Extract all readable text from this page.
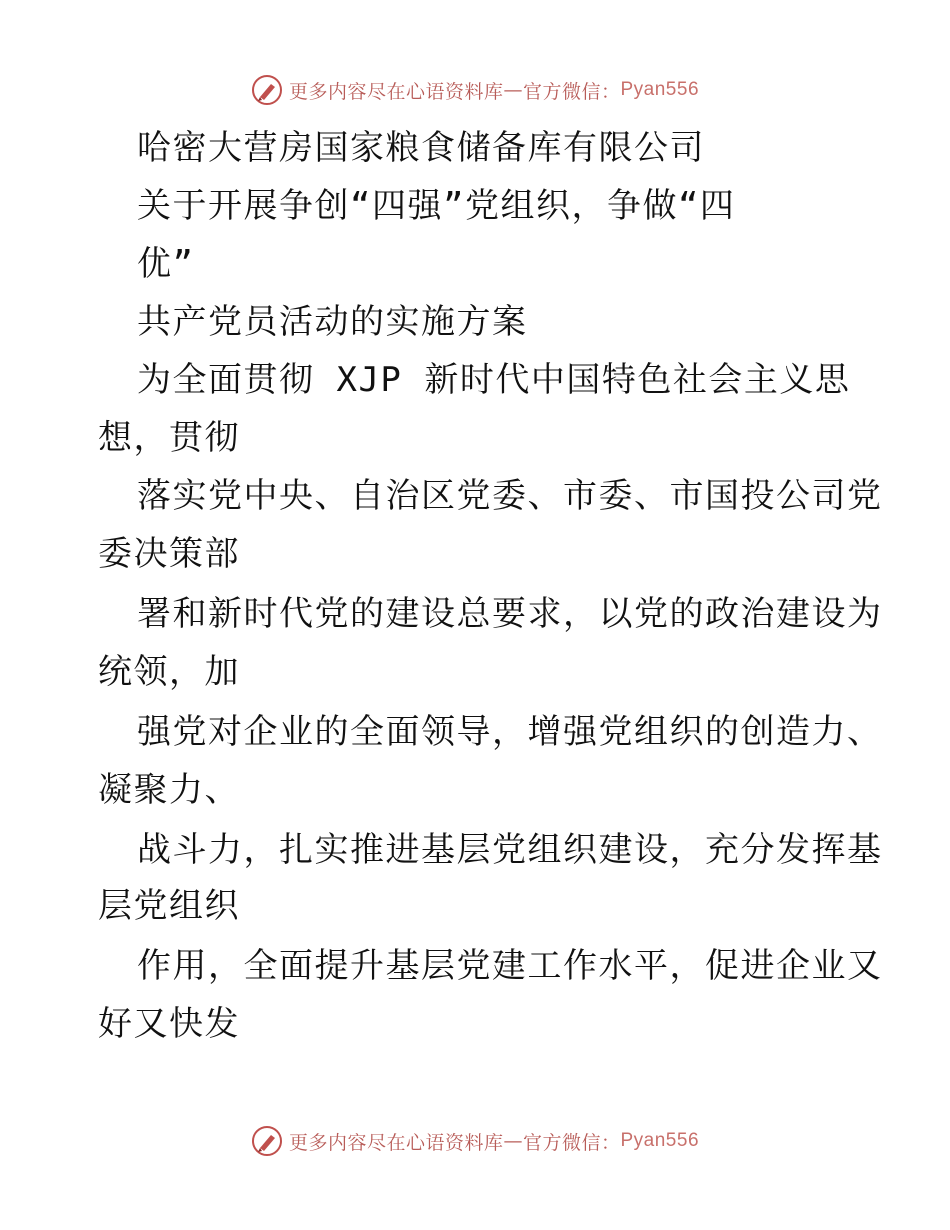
更多内容尽在心语资料库 — 官方微信： Pyan556
哈密大营房国家粮食储备库有限公司
关于开展争创“四强”党组织，争做“四
优”
共产党员活动的实施方案
为全面贯彻 XJP 新时代中国特色社会主义思
想，贯彻
落实党中央、自治区党委、市委、市国投公司党
委决策部
署和新时代党的建设总要求，以党的政治建设为
统领，加
强党对企业的全面领导，增强党组织的创造力、
凝聚力、
战斗力，扎实推进基层党组织建设，充分发挥基
层党组织
作用，全面提升基层党建工作水平，促进企业又
好又快发
更多内容尽在心语资料库 — 官方微信： Pyan556
